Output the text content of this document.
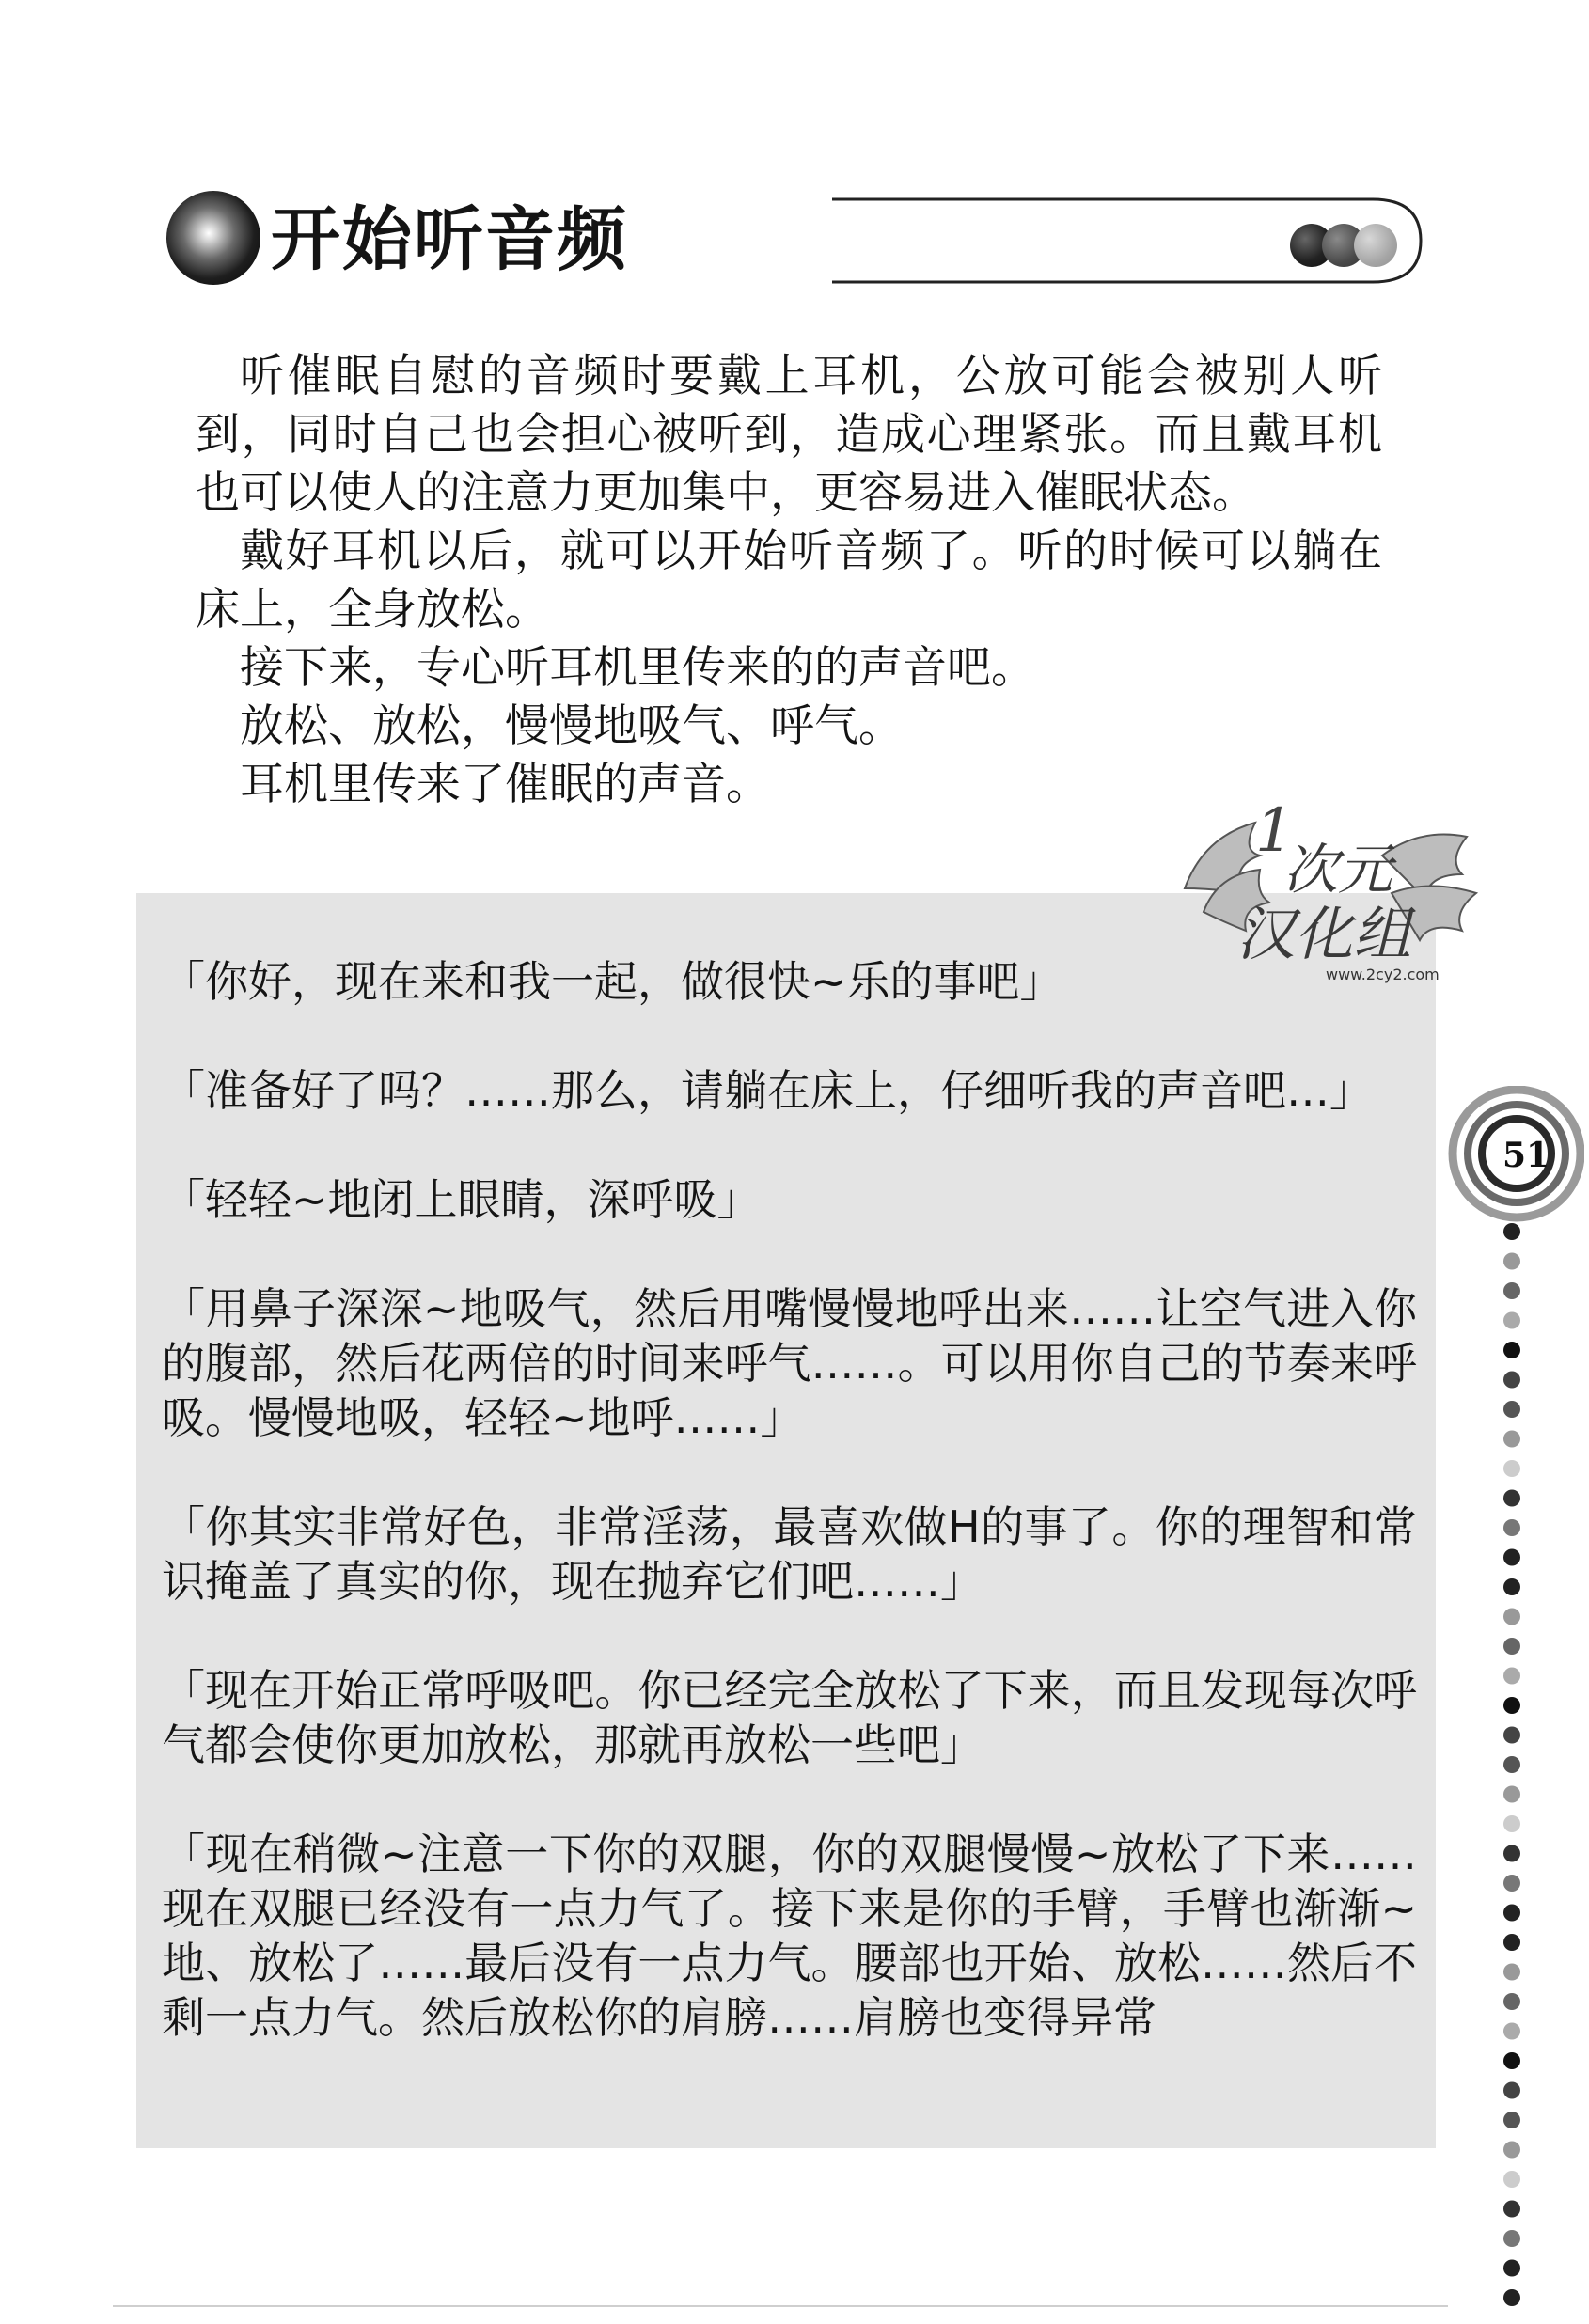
开始听音频

听催眠自慰的音频时要戴上耳机，公放可能会被别人听到，同时自己也会担心被听到，造成心理紧张。而且戴耳机也可以使人的注意力更加集中，更容易进入催眠状态。

戴好耳机以后，就可以开始听音频了。听的时候可以躺在床上，全身放松。

接下来，专心听耳机里传来的的声音吧。

放松、放松，慢慢地吸气、呼气。

耳机里传来了催眠的声音。

「你好，现在来和我一起，做很快~乐的事吧」

「准备好了吗？……那么，请躺在床上，仔细听我的声音吧…」

「轻轻~地闭上眼睛，深呼吸」

「用鼻子深深~地吸气，然后用嘴慢慢地呼出来……让空气进入你的腹部，然后花两倍的时间来呼气……。可以用你自己的节奏来呼吸。慢慢地吸，轻轻~地呼……」

「你其实非常好色，非常淫荡，最喜欢做H的事了。你的理智和常识掩盖了真实的你，现在抛弃它们吧……」

「现在开始正常呼吸吧。你已经完全放松了下来，而且发现每次呼气都会使你更加放松，那就再放松一些吧」

「现在稍微~注意一下你的双腿，你的双腿慢慢~放松了下来……现在双腿已经没有一点力气了。接下来是你的手臂，手臂也渐渐~地、放松了……最后没有一点力气。腰部也开始、放松……然后不剩一点力气。然后放松你的肩膀……肩膀也变得异常

1
次元
汉化组
www.2cy2.com
51
